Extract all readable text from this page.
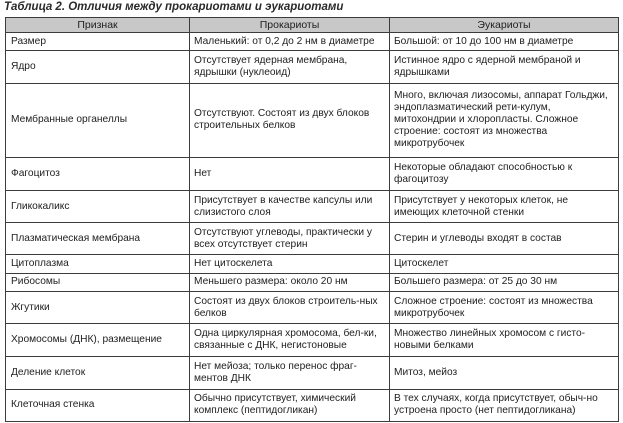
Таблица 2. Отличия между прокариотами и эукариотами
Признак	Прокариоты	Эукариоты
Размер	Маленький: от 0,2 до 2 нм в диаметре	Большой: от 10 до 100 нм в диаметре
Ядро	Отсутствует ядерная мембрана, ядрышки (нуклеоид)	Истинное ядро с ядерной мембраной и ядрышками
Мембранные органеллы	Отсутствуют. Состоят из двух блоков строительных белков	Много, включая лизосомы, аппарат Гольджи, эндоплазматический рети-кулум, митохондрии и хлоропласты. Сложное строение: состоят из множества микротрубочек
Фагоцитоз	Нет	Некоторые обладают способностью к фагоцитозу
Гликокаликс	Присутствует в качестве капсулы или слизистого слоя	Присутствует у некоторых клеток, не имеющих клеточной стенки
Плазматическая мембрана	Отсутствуют углеводы, практически у всех отсутствует стерин	Стерин и углеводы входят в состав
Цитоплазма	Нет цитоскелета	Цитоскелет
Рибосомы	Меньшего размера: около 20 нм	Большего размера: от 25 до 30 нм
Жгутики	Состоят из двух блоков строитель-ных белков	Сложное строение: состоят из множества микротрубочек
Хромосомы (ДНК), размещение	Одна циркулярная хромосома, бел-ки, связанные с ДНК, негистоновые	Множество линейных хромосом с гисто-новыми белками
Деление клеток	Нет мейоза; только перенос фраг-ментов ДНК	Митоз, мейоз
Клеточная стенка	Обычно присутствует, химический комплекс (пептидогликан)	В тех случаях, когда присутствует, обыч-но устроена просто (нет пептидогликана)
